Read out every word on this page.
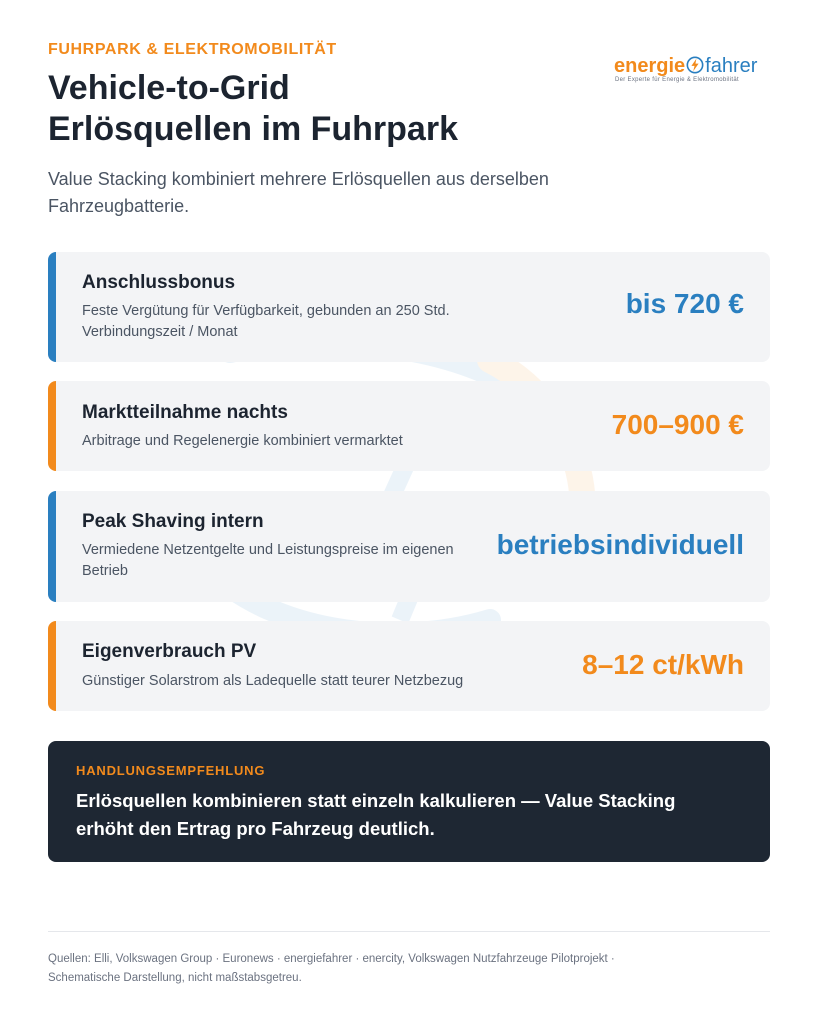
FUHRPARK & ELEKTROMOBILITÄT
Vehicle-to-Grid
Erlösquellen im Fuhrpark
Value Stacking kombiniert mehrere Erlösquellen aus derselben Fahrzeugbatterie.
energie fahrer
Der Experte für Energie & Elektromobilität
Anschlussbonus
Feste Vergütung für Verfügbarkeit, gebunden an 250 Std. Verbindungszeit / Monat
bis 720 €
Marktteilnahme nachts
Arbitrage und Regelenergie kombiniert vermarktet
700–900 €
Peak Shaving intern
Vermiedene Netzentgelte und Leistungspreise im eigenen Betrieb
betriebsindividuell
Eigenverbrauch PV
Günstiger Solarstrom als Ladequelle statt teurer Netzbezug
8–12 ct/kWh
HANDLUNGSEMPFEHLUNG
Erlösquellen kombinieren statt einzeln kalkulieren — Value Stacking erhöht den Ertrag pro Fahrzeug deutlich.
Quellen: Elli, Volkswagen Group · Euronews · energiefahrer · enercity, Volkswagen Nutzfahrzeuge Pilotprojekt ·
Schematische Darstellung, nicht maßstabsgetreu.
